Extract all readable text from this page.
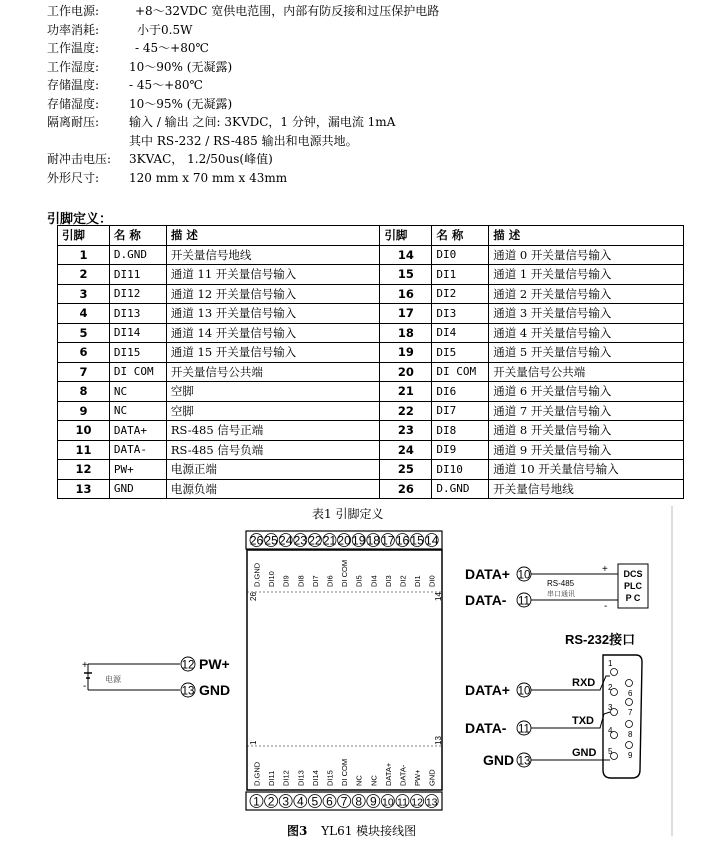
工作电源:	+8～32VDC 宽供电范围，内部有防反接和过压保护电路
功率消耗:	小于0.5W
工作温度:	- 45～+80℃
工作湿度: 10～90% (无凝露)
存储温度: - 45～+80℃
存储湿度: 10～95% (无凝露)
隔离耐压: 输入 / 输出 之间: 3KVDC，1 分钟，漏电流 1mA
其中 RS-232 / RS-485 输出和电源共地。
耐冲击电压: 3KVAC， 1.2/50us(峰值)
外形尺寸: 120 mm x 70 mm x 43mm
引脚定义：
引脚	名 称	描 述	引脚	名 称	描 述
1	D.GND	开关量信号地线	14	DI0	通道 0 开关量信号输入
2	DI11	通道 11 开关量信号输入	15	DI1	通道 1 开关量信号输入
3	DI12	通道 12 开关量信号输入	16	DI2	通道 2 开关量信号输入
4	DI13	通道 13 开关量信号输入	17	DI3	通道 3 开关量信号输入
5	DI14	通道 14 开关量信号输入	18	DI4	通道 4 开关量信号输入
6	DI15	通道 15 开关量信号输入	19	DI5	通道 5 开关量信号输入
7	DI COM	开关量信号公共端	20	DI COM	开关量信号公共端
8	NC	空脚	21	DI6	通道 6 开关量信号输入
9	NC	空脚	22	DI7	通道 7 开关量信号输入
10	DATA+	RS-485 信号正端	23	DI8	通道 8 开关量信号输入
11	DATA-	RS-485 信号负端	24	DI9	通道 9 开关量信号输入
12	PW+	电源正端	25	DI10	通道 10 开关量信号输入
13	GND	电源负端	26	D.GND	开关量信号地线
表1 引脚定义
26
D.GND
25
DI10
24
DI9
23
DI8
22
DI7
21
DI6
20
DI COM
19
DI5
18
DI4
17
DI3
16
DI2
15
DI1
14
DI0
1
D.GND
2
DI11
3
DI12
4
DI13
5
DI14
6
DI15
7
DI COM
8
NC
9
NC
10
DATA+
11
DATA-
12
PW+
13
GND
26	14
1	13
+
-
电源
12 PW+
13 GND
DATA+ 10
DATA- 11
RS-485
串口通讯
+
-
DCS
PLC
P C
RS-232接口
DATA+ 10
DATA- 11
GND 13
1
2
3
4
5
6
7
8
9
RXD
TXD
GND
图3 YL61 模块接线图
